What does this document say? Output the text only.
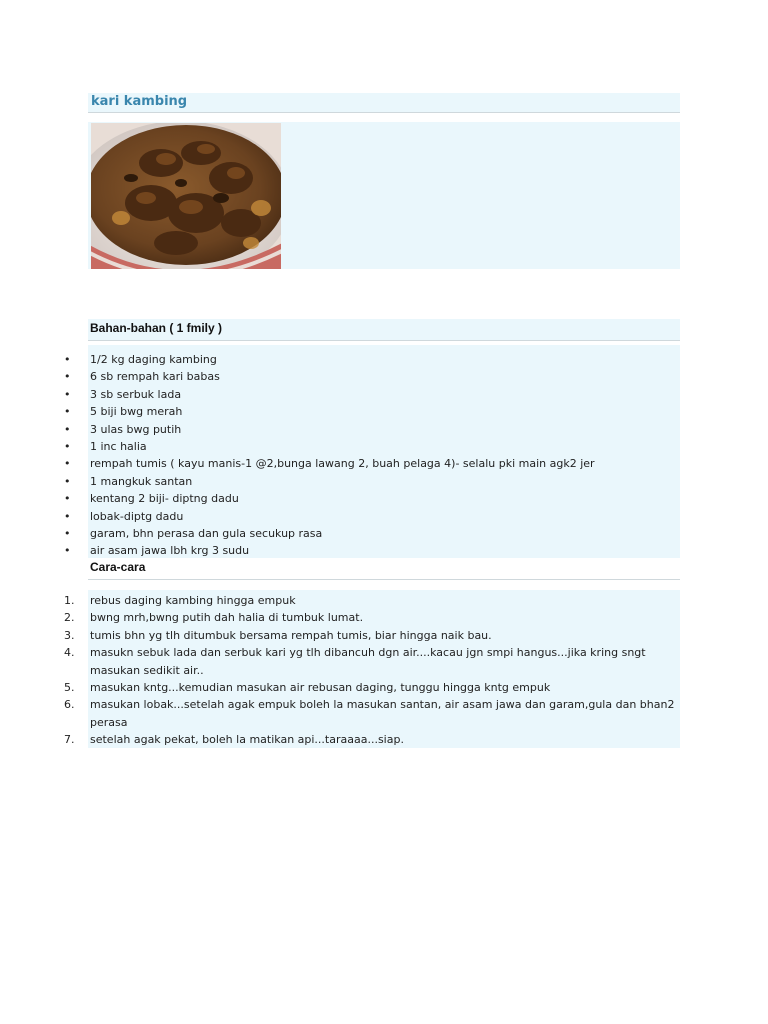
kari kambing
Bahan-bahan ( 1 fmily )
• 1/2 kg daging kambing
• 6 sb rempah kari babas
• 3 sb serbuk lada
• 5 biji bwg merah
• 3 ulas bwg putih
• 1 inc halia
• rempah tumis ( kayu manis-1 @2,bunga lawang 2, buah pelaga 4)- selalu pki main agk2 jer
• 1 mangkuk santan
• kentang 2 biji- diptng dadu
• lobak-diptg dadu
• garam, bhn perasa dan gula secukup rasa
• air asam jawa lbh krg 3 sudu
Cara-cara
1.	rebus daging kambing hingga empuk
2.	bwng mrh,bwng putih dah halia di tumbuk lumat.
3.	tumis bhn yg tlh ditumbuk bersama rempah tumis, biar hingga naik bau.
4.	masukn sebuk lada dan serbuk kari yg tlh dibancuh dgn air....kacau jgn smpi hangus...jika kring sngt masukan sedikit air..
5.	masukan kntg...kemudian masukan air rebusan daging, tunggu hingga kntg empuk
6.	masukan lobak...setelah agak empuk boleh la masukan santan, air asam jawa dan garam,gula dan bhan2 perasa
7.	setelah agak pekat, boleh la matikan api...taraaaa...siap.
